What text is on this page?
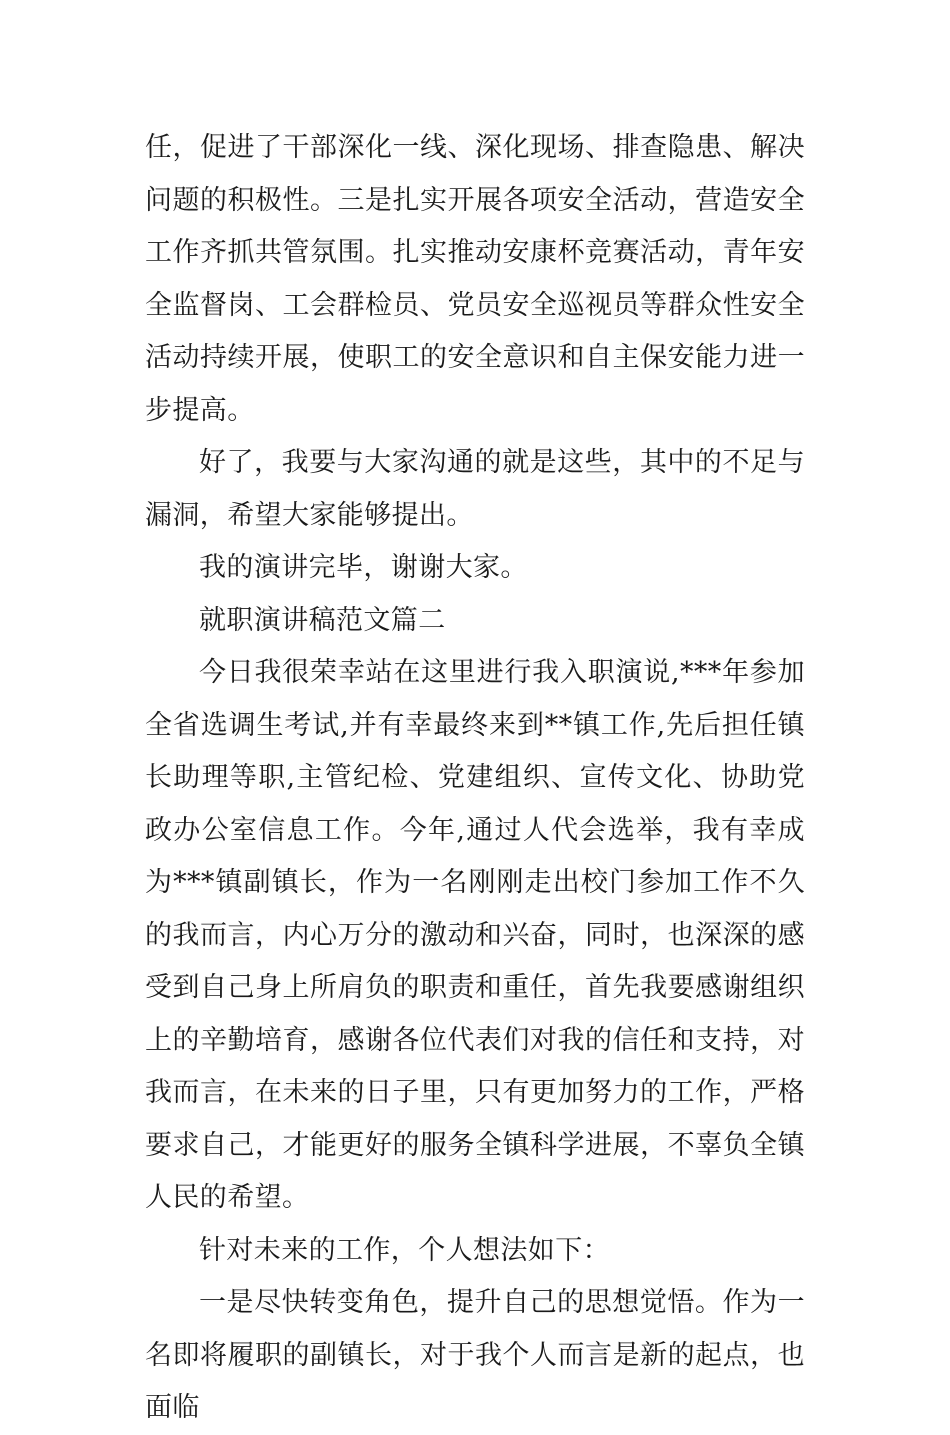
任，促进了干部深化一线、深化现场、排查隐患、解决问题的积极性。三是扎实开展各项安全活动，营造安全工作齐抓共管氛围。扎实推动安康杯竞赛活动，青年安全监督岗、工会群检员、党员安全巡视员等群众性安全活动持续开展，使职工的安全意识和自主保安能力进一步提高。

好了，我要与大家沟通的就是这些，其中的不足与漏洞，希望大家能够提出。

我的演讲完毕，谢谢大家。

就职演讲稿范文篇二

今日我很荣幸站在这里进行我入职演说,***年参加全省选调生考试,并有幸最终来到**镇工作,先后担任镇长助理等职,主管纪检、党建组织、宣传文化、协助党政办公室信息工作。今年,通过人代会选举，我有幸成为***镇副镇长，作为一名刚刚走出校门参加工作不久的我而言，内心万分的激动和兴奋，同时，也深深的感受到自己身上所肩负的职责和重任，首先我要感谢组织上的辛勤培育，感谢各位代表们对我的信任和支持，对我而言，在未来的日子里，只有更加努力的工作，严格要求自己，才能更好的服务全镇科学进展，不辜负全镇人民的希望。

针对未来的工作，个人想法如下：

一是尽快转变角色，提升自己的思想觉悟。作为一名即将履职的副镇长，对于我个人而言是新的起点，也面临
